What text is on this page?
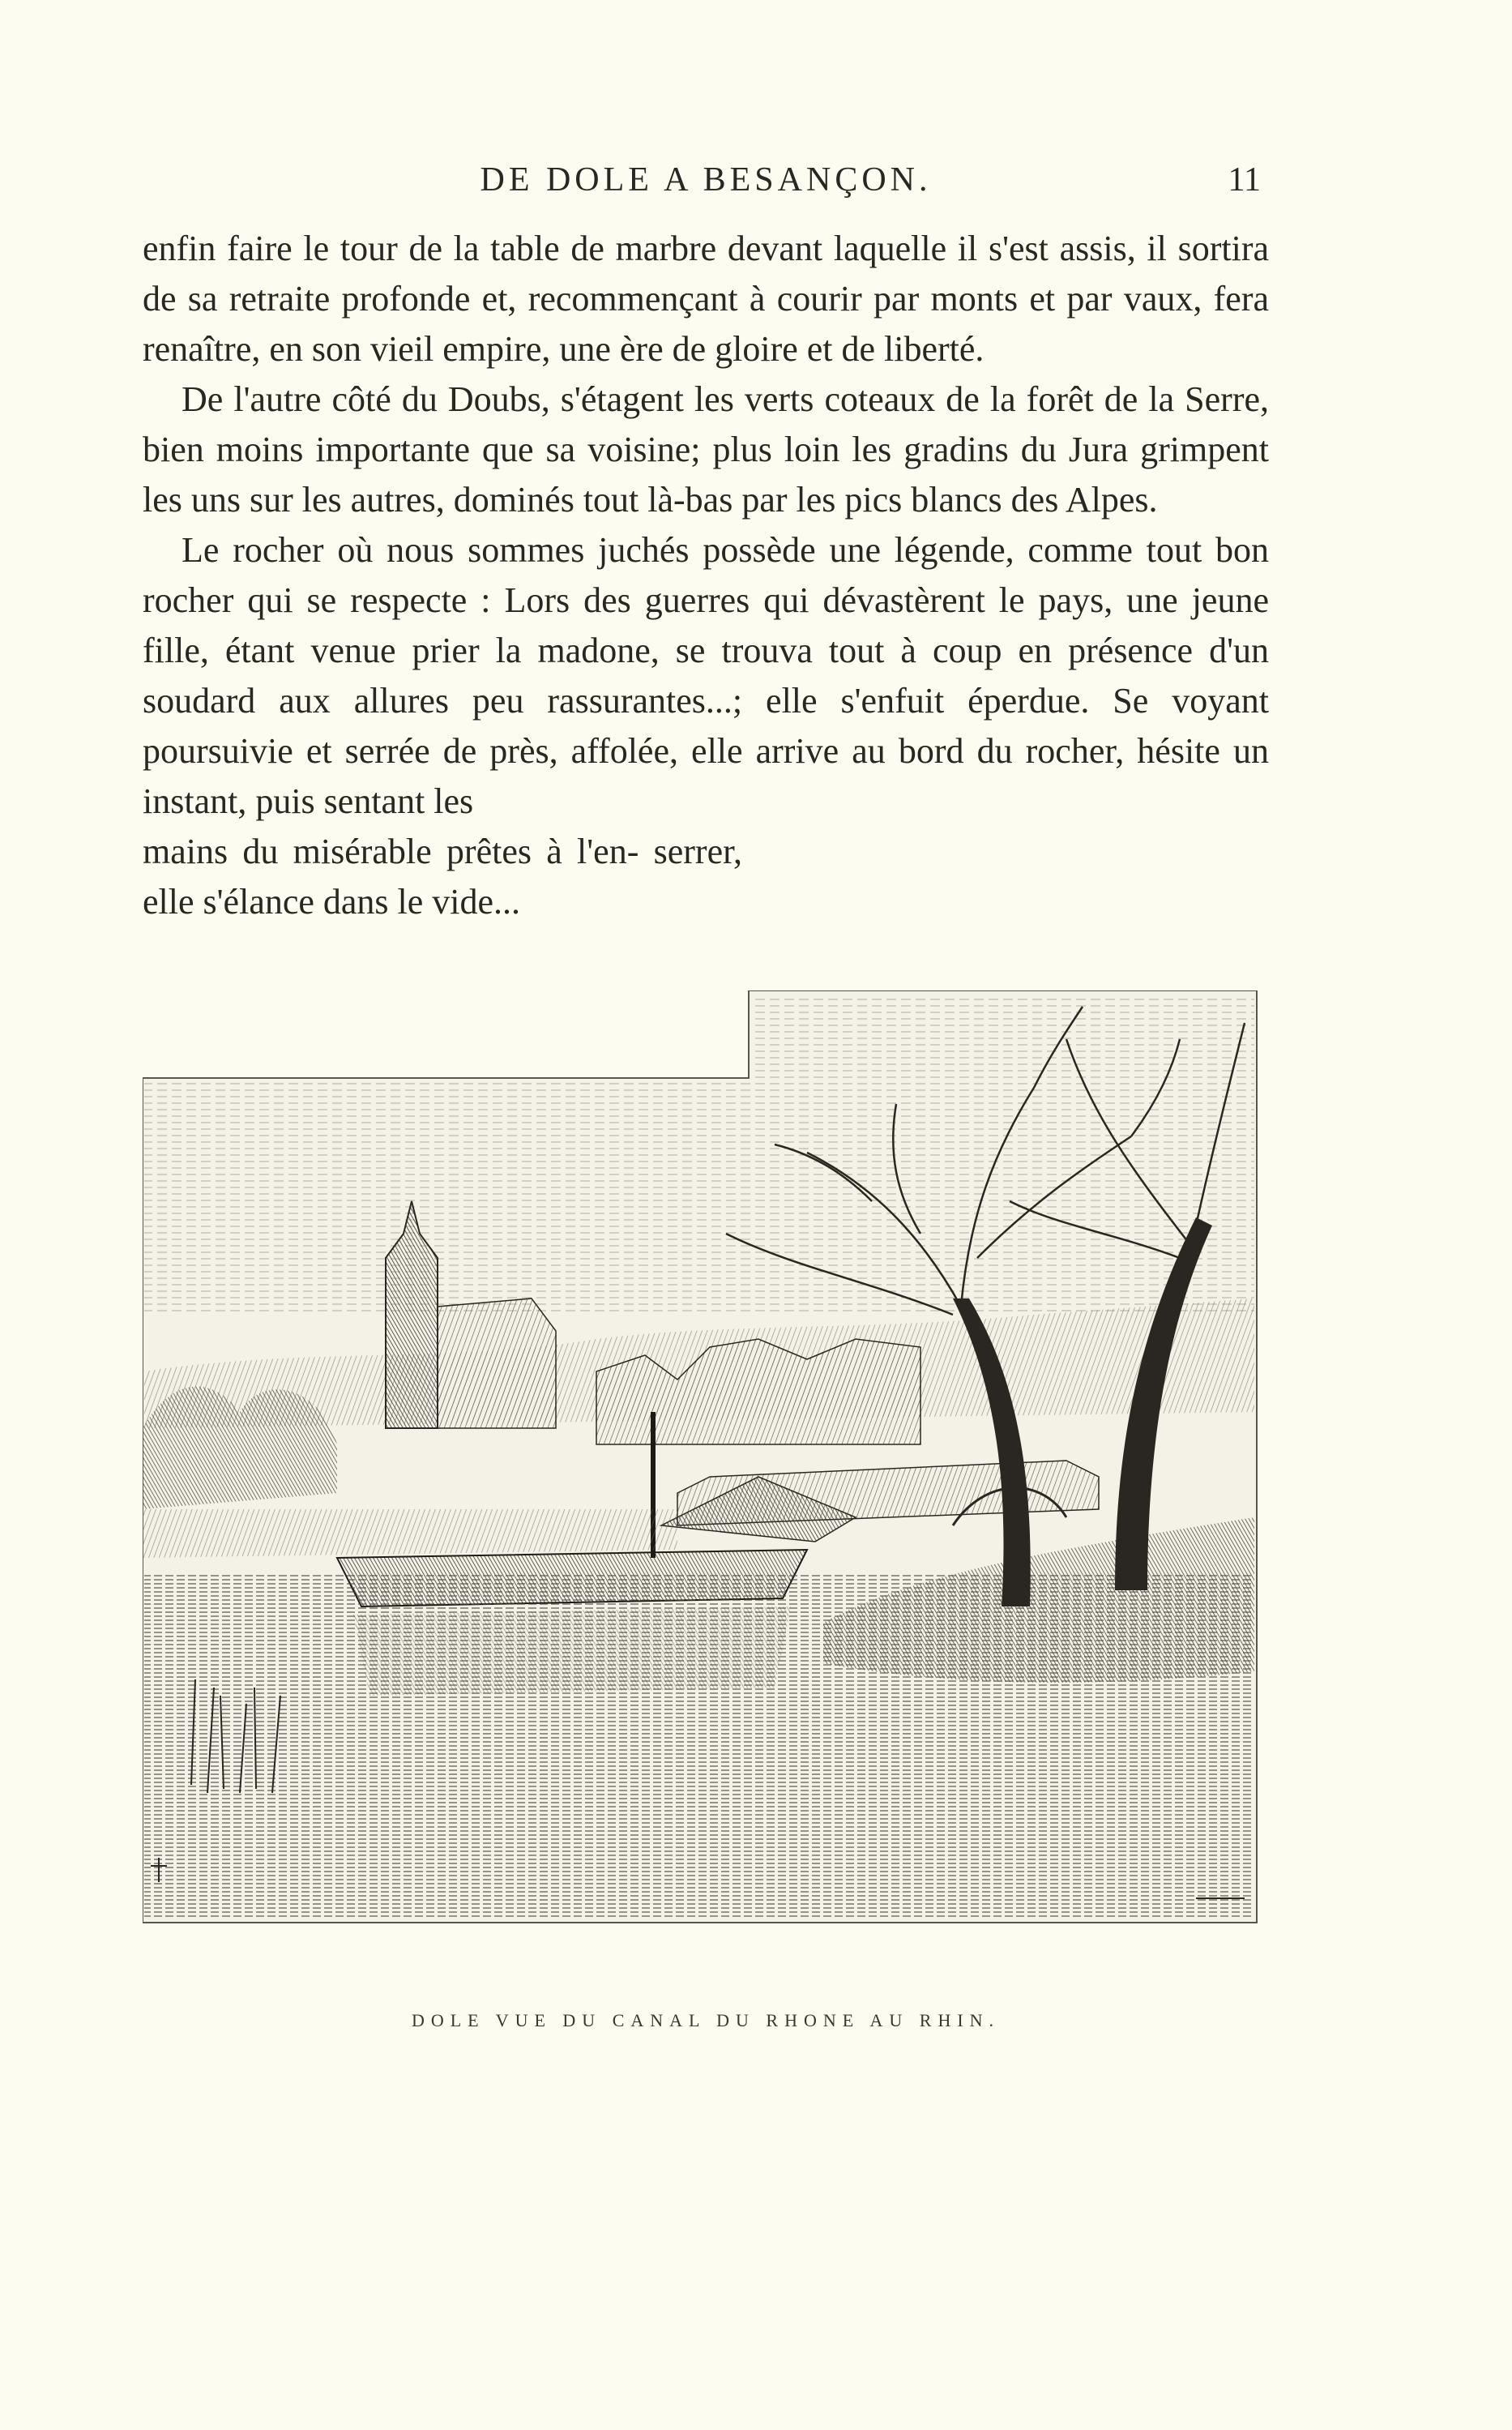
DE DOLE A BESANÇON.	11

enfin faire le tour de la table de marbre devant laquelle il s'est assis, il sortira de sa retraite profonde et, recommençant à courir par monts et par vaux, fera renaître, en son vieil empire, une ère de gloire et de liberté.

De l'autre côté du Doubs, s'étagent les verts coteaux de la forêt de la Serre, bien moins importante que sa voisine; plus loin les gradins du Jura grimpent les uns sur les autres, dominés tout là-bas par les pics blancs des Alpes.

Le rocher où nous sommes juchés possède une légende, comme tout bon rocher qui se respecte : Lors des guerres qui dévastèrent le pays, une jeune fille, étant venue prier la madone, se trouva tout à coup en présence d'un soudard aux allures peu rassurantes...; elle s'enfuit éperdue. Se voyant poursuivie et serrée de près, affolée, elle arrive au bord du rocher, hésite un instant, puis sentant les

mains du misérable prêtes à l'en- serrer, elle s'élance dans le vide...

DOLE VUE DU CANAL DU RHONE AU RHIN.
